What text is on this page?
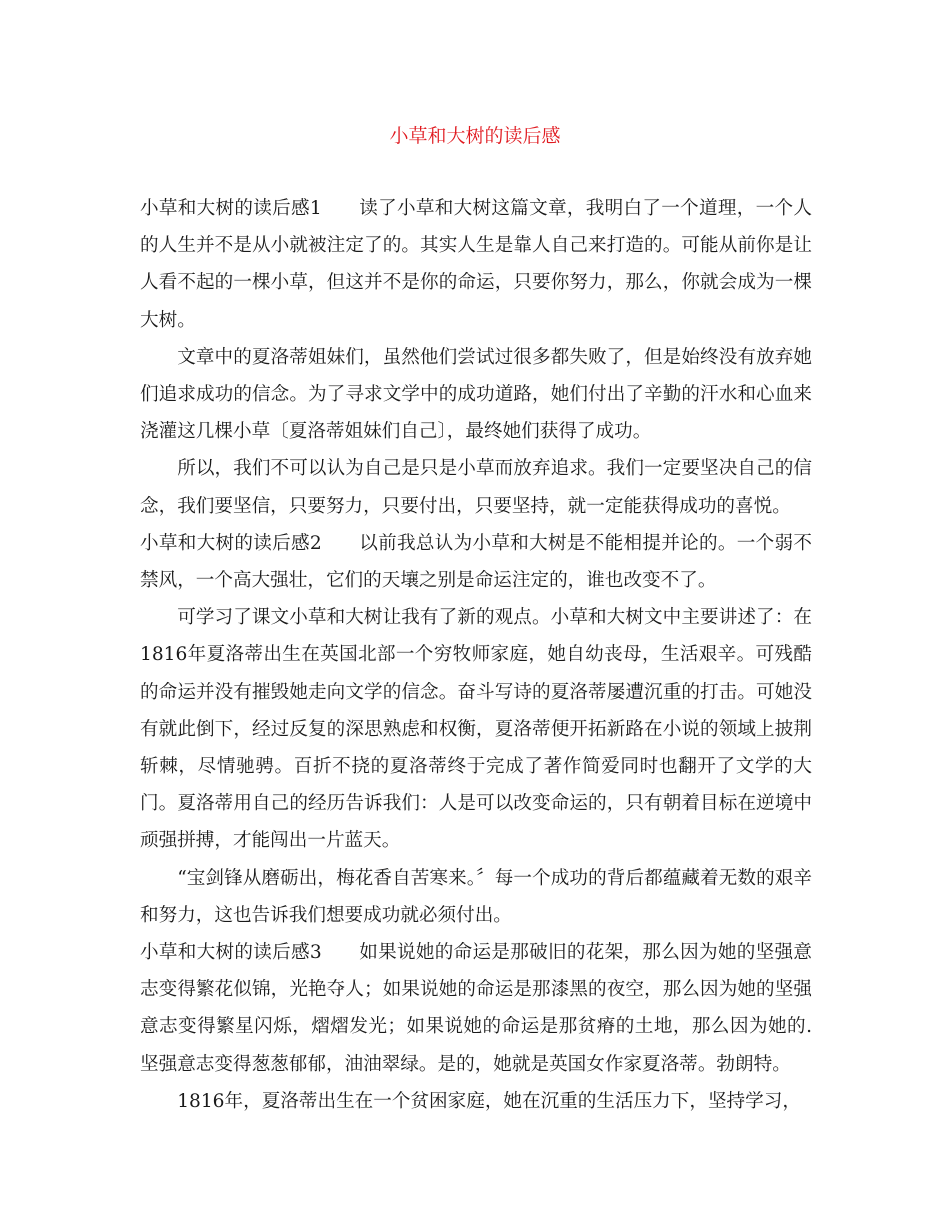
小草和大树的读后感

小草和大树的读后感1 读了小草和大树这篇文章，我明白了一个道理，一个人的人生并不是从小就被注定了的。其实人生是靠人自己来打造的。可能从前你是让人看不起的一棵小草，但这并不是你的命运，只要你努力，那么，你就会成为一棵大树。

文章中的夏洛蒂姐妹们，虽然他们尝试过很多都失败了，但是始终没有放弃她们追求成功的信念。为了寻求文学中的成功道路，她们付出了辛勤的汗水和心血来浇灌这几棵小草〔夏洛蒂姐妹们自己〕，最终她们获得了成功。

所以，我们不可以认为自己是只是小草而放弃追求。我们一定要坚决自己的信念，我们要坚信，只要努力，只要付出，只要坚持，就一定能获得成功的喜悦。

小草和大树的读后感2 以前我总认为小草和大树是不能相提并论的。一个弱不禁风，一个高大强壮，它们的天壤之别是命运注定的，谁也改变不了。

可学习了课文小草和大树让我有了新的观点。小草和大树文中主要讲述了：在1816年夏洛蒂出生在英国北部一个穷牧师家庭，她自幼丧母，生活艰辛。可残酷的命运并没有摧毁她走向文学的信念。奋斗写诗的夏洛蒂屡遭沉重的打击。可她没有就此倒下，经过反复的深思熟虑和权衡，夏洛蒂便开拓新路在小说的领域上披荆斩棘，尽情驰骋。百折不挠的夏洛蒂终于完成了著作简爱同时也翻开了文学的大门。夏洛蒂用自己的经历告诉我们：人是可以改变命运的，只有朝着目标在逆境中顽强拼搏，才能闯出一片蓝天。

“宝剑锋从磨砺出，梅花香自苦寒来。〞每一个成功的背后都蕴藏着无数的艰辛和努力，这也告诉我们想要成功就必须付出。

小草和大树的读后感3 如果说她的命运是那破旧的花架，那么因为她的坚强意志变得繁花似锦，光艳夺人；如果说她的命运是那漆黑的夜空，那么因为她的坚强意志变得繁星闪烁，熠熠发光；如果说她的命运是那贫瘠的土地，那么因为她的.坚强意志变得葱葱郁郁，油油翠绿。是的，她就是英国女作家夏洛蒂。勃朗特。

1816年，夏洛蒂出生在一个贫困家庭，她在沉重的生活压力下，坚持学习，
